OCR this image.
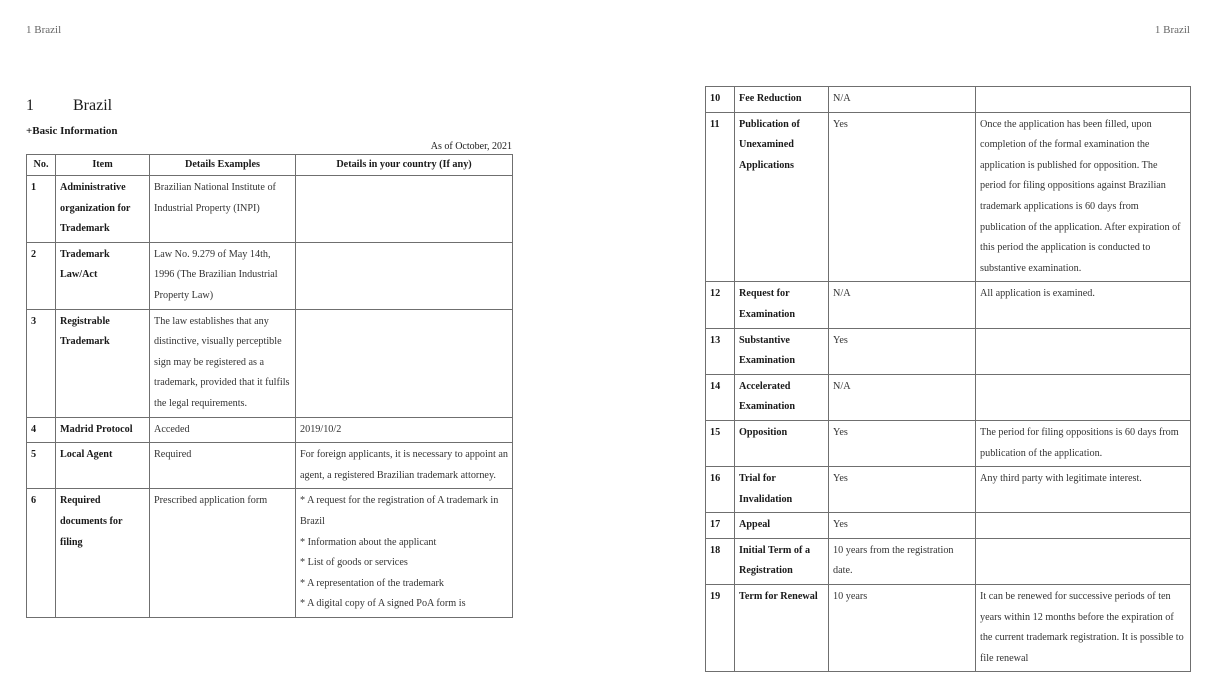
1 Brazil	1 Brazil
1	Brazil
+Basic Information
As of October, 2021
No.	Item	Details Examples	Details in your country (If any)
1	Administrative organization for Trademark	Brazilian National Institute of Industrial Property (INPI)	
2	Trademark Law/Act	Law No. 9.279 of May 14th, 1996 (The Brazilian Industrial Property Law)	
3	Registrable Trademark	The law establishes that any distinctive, visually perceptible sign may be registered as a trademark, provided that it fulfils the legal requirements.	
4	Madrid Protocol	Acceded	2019/10/2
5	Local Agent	Required	For foreign applicants, it is necessary to appoint an agent, a registered Brazilian trademark attorney.
6	Required documents for filing	Prescribed application form	* A request for the registration of A trademark in Brazil
* Information about the applicant
* List of goods or services
* A representation of the trademark
* A digital copy of A signed PoA form is
10	Fee Reduction	N/A	
11	Publication of Unexamined Applications	Yes	Once the application has been filled, upon completion of the formal examination the application is published for opposition. The period for filing oppositions against Brazilian trademark applications is 60 days from publication of the application. After expiration of this period the application is conducted to substantive examination.
12	Request for Examination	N/A	All application is examined.
13	Substantive Examination	Yes	
14	Accelerated Examination	N/A	
15	Opposition	Yes	The period for filing oppositions is 60 days from publication of the application.
16	Trial for Invalidation	Yes	Any third party with legitimate interest.
17	Appeal	Yes	
18	Initial Term of a Registration	10 years from the registration date.	
19	Term for Renewal	10 years	It can be renewed for successive periods of ten years within 12 months before the expiration of the current trademark registration. It is possible to file renewal
